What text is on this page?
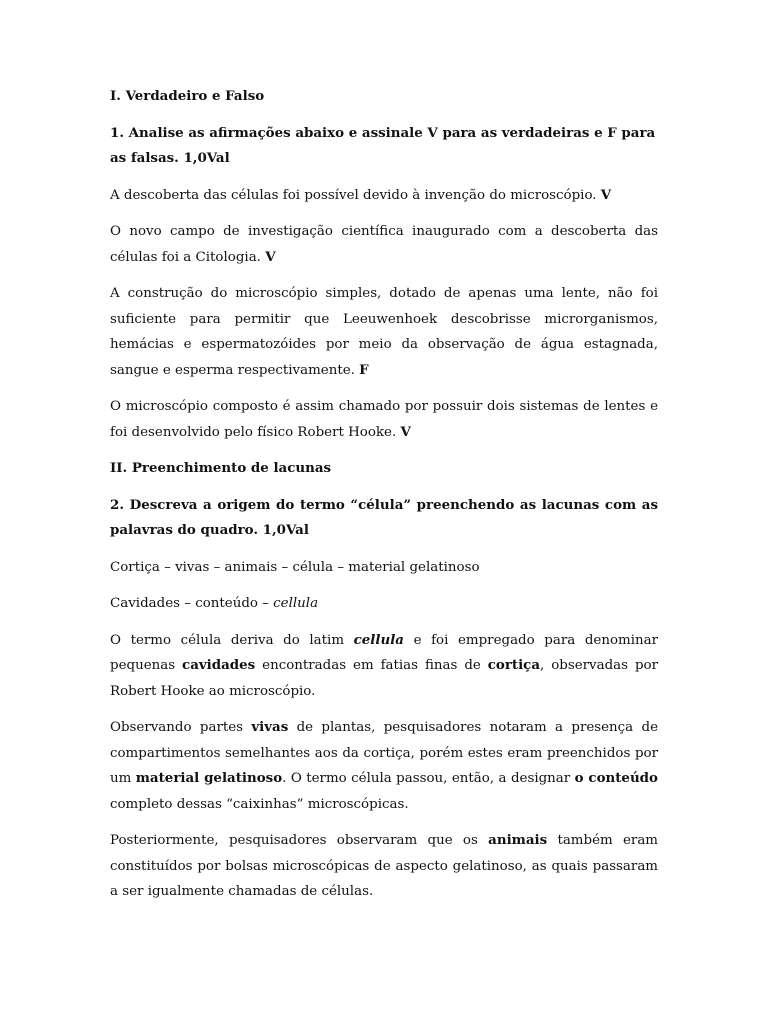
I. Verdadeiro e Falso

1. Analise as afirmações abaixo e assinale V para as verdadeiras e F para as falsas. 1,0Val

A descoberta das células foi possível devido à invenção do microscópio. V

O novo campo de investigação científica inaugurado com a descoberta das células foi a Citologia. V

A construção do microscópio simples, dotado de apenas uma lente, não foi suficiente para permitir que Leeuwenhoek descobrisse microrganismos, hemácias e espermatozóides por meio da observação de água estagnada, sangue e esperma respectivamente. F

O microscópio composto é assim chamado por possuir dois sistemas de lentes e foi desenvolvido pelo físico Robert Hooke. V

II. Preenchimento de lacunas

2. Descreva a origem do termo “célula” preenchendo as lacunas com as palavras do quadro. 1,0Val

Cortiça – vivas – animais – célula – material gelatinoso

Cavidades – conteúdo – cellula

O termo célula deriva do latim cellula e foi empregado para denominar pequenas cavidades encontradas em fatias finas de cortiça, observadas por Robert Hooke ao microscópio.

Observando partes vivas de plantas, pesquisadores notaram a presença de compartimentos semelhantes aos da cortiça, porém estes eram preenchidos por um material gelatinoso. O termo célula passou, então, a designar o conteúdo completo dessas “caixinhas” microscópicas.

Posteriormente, pesquisadores observaram que os animais também eram constituídos por bolsas microscópicas de aspecto gelatinoso, as quais passaram a ser igualmente chamadas de células.
